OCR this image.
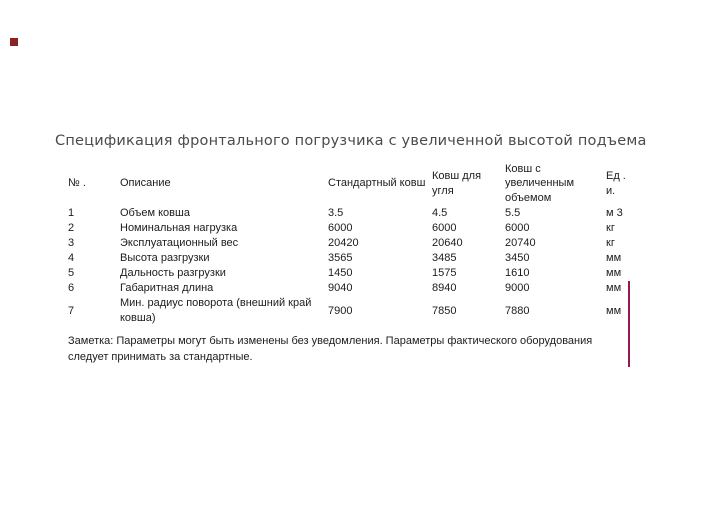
Спецификация фронтального погрузчика с увеличенной высотой подъема
№ .	Описание	Стандартный ковш	Ковш для угля	Ковш с увеличенным объемом	Ед . и.
1	Объем ковша	3.5	4.5	5.5	м 3
2	Номинальная нагрузка	6000	6000	6000	кг
3	Эксплуатационный вес	20420	20640	20740	кг
4	Высота разгрузки	3565	3485	3450	мм
5	Дальность разгрузки	1450	1575	1610	мм
6	Габаритная длина	9040	8940	9000	мм
7	Мин. радиус поворота (внешний край ковша)	7900	7850	7880	мм

Заметка: Параметры могут быть изменены без уведомления. Параметры фактического оборудования следует принимать за стандартные.
